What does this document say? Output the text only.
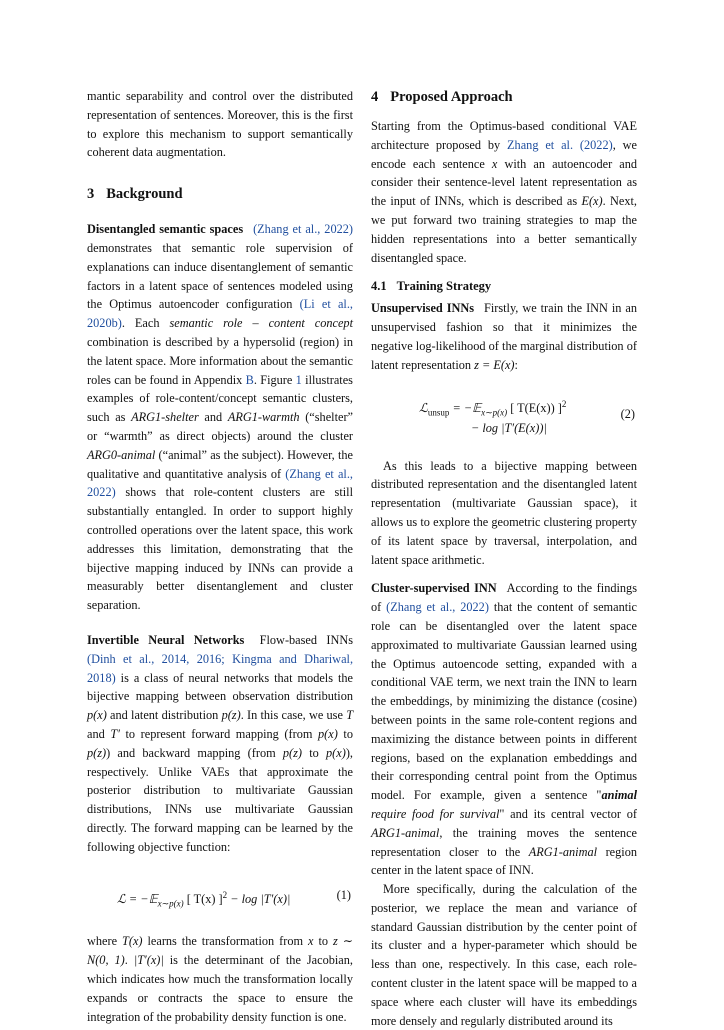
mantic separability and control over the distributed representation of sentences. Moreover, this is the first to explore this mechanism to support semantically coherent data augmentation.

3 Background

Disentangled semantic spaces (Zhang et al., 2022) demonstrates that semantic role supervision of explanations can induce disentanglement of semantic factors in a latent space of sentences modeled using the Optimus autoencoder configuration (Li et al., 2020b). Each semantic role – content concept combination is described by a hypersolid (region) in the latent space. More information about the semantic roles can be found in Appendix B. Figure 1 illustrates examples of role-content/concept semantic clusters, such as ARG1-shelter and ARG1-warmth (“shelter” or “warmth” as direct objects) around the cluster ARG0-animal (“animal” as the subject). However, the qualitative and quantitative analysis of (Zhang et al., 2022) shows that role-content clusters are still substantially entangled. In order to support highly controlled operations over the latent space, this work addresses this limitation, demonstrating that the bijective mapping induced by INNs can provide a measurably better disentanglement and cluster separation.

Invertible Neural Networks Flow-based INNs (Dinh et al., 2014, 2016; Kingma and Dhariwal, 2018) is a class of neural networks that models the bijective mapping between observation distribution p(x) and latent distribution p(z). In this case, we use T and T′ to represent forward mapping (from p(x) to p(z)) and backward mapping (from p(z) to p(x)), respectively. Unlike VAEs that approximate the posterior distribution to multivariate Gaussian distributions, INNs use multivariate Gaussian directly. The forward mapping can be learned by the following objective function:

ℒ = −𝔼$_{x\sim p(x)}$ [ T(x) ]$^2$ − log |T′(x)|	(1)

where T(x) learns the transformation from x to z ∼ N(0, 1). |T′(x)| is the determinant of the Jacobian, which indicates how much the transformation locally expands or contracts the space to ensure the integration of the probability density function is one.

4 Proposed Approach

Starting from the Optimus-based conditional VAE architecture proposed by Zhang et al. (2022), we encode each sentence x with an autoencoder and consider their sentence-level latent representation as the input of INNs, which is described as E(x). Next, we put forward two training strategies to map the hidden representations into a better semantically disentangled space.

4.1 Training Strategy

Unsupervised INNs Firstly, we train the INN in an unsupervised fashion so that it minimizes the negative log-likelihood of the marginal distribution of latent representation z = E(x):

ℒ$_{unsup}$ = −𝔼$_{x\sim p(x)}$ [ T(E(x)) ]$^2$
− log |T′(E(x))|
(2)

As this leads to a bijective mapping between distributed representation and the disentangled latent representation (multivariate Gaussian space), it allows us to explore the geometric clustering property of its latent space by traversal, interpolation, and latent space arithmetic.

Cluster-supervised INN According to the findings of (Zhang et al., 2022) that the content of semantic role can be disentangled over the latent space approximated to multivariate Gaussian learned using the Optimus autoencode setting, expanded with a conditional VAE term, we next train the INN to learn the embeddings, by minimizing the distance (cosine) between points in the same role-content regions and maximizing the distance between points in different regions, based on the explanation embeddings and their corresponding central point from the Optimus model. For example, given a sentence "animal require food for survival" and its central vector of ARG1-animal, the training moves the sentence representation closer to the ARG1-animal region center in the latent space of INN.

More specifically, during the calculation of the posterior, we replace the mean and variance of standard Gaussian distribution by the center point of its cluster and a hyper-parameter which should be less than one, respectively. In this case, each role-content cluster in the latent space will be mapped to a space where each cluster will have its embeddings more densely and regularly distributed around its
